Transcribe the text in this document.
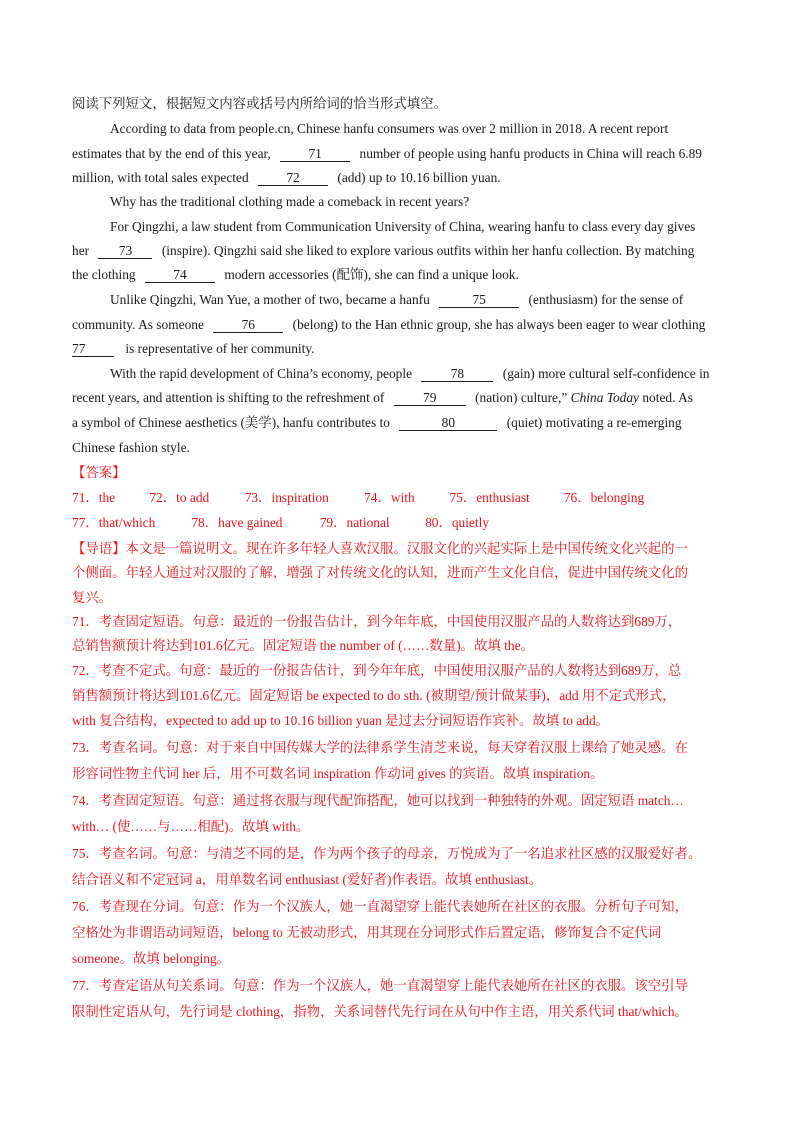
阅读下列短文，根据短文内容或括号内所给词的恰当形式填空。
According to data from people.cn, Chinese hanfu consumers was over 2 million in 2018. A recent report
estimates that by the end of this year,	71	number of people using hanfu products in China will reach 6.89
million, with total sales expected	72	(add) up to 10.16 billion yuan.
Why has the traditional clothing made a comeback in recent years?
For Qingzhi, a law student from Communication University of China, wearing hanfu to class every day gives
her 73 (inspire). Qingzhi said she liked to explore various outfits within her hanfu collection. By matching
the clothing	74	modern accessories (配饰), she can find a unique look.
Unlike Qingzhi, Wan Yue, a mother of two, became a hanfu	75	(enthusiasm) for the sense of
community. As someone	76	(belong) to the Han ethnic group, she has always been eager to wear clothing
77	is representative of her community.
With the rapid development of China’s economy, people	78	(gain) more cultural self-confidence in
recent years, and attention is shifting to the refreshment of	79	(nation) culture,” China Today noted. As
a symbol of Chinese aesthetics (美学), hanfu contributes to	80	(quiet) motivating a re-emerging
Chinese fashion style.
【答案】
71．the	72．to add	73．inspiration	74．with	75．enthusiast	76．belonging
77．that/which	78．have gained	79．national	80．quietly
【导语】本文是一篇说明文。现在许多年轻人喜欢汉服。汉服文化的兴起实际上是中国传统文化兴起的一
个侧面。年轻人通过对汉服的了解，增强了对传统文化的认知，进而产生文化自信，促进中国传统文化的
复兴。
71．考查固定短语。句意：最近的一份报告估计，到今年年底，中国使用汉服产品的人数将达到689万，
总销售额预计将达到101.6亿元。固定短语 the number of (……数量)。故填 the。
72．考查不定式。句意：最近的一份报告估计，到今年年底，中国使用汉服产品的人数将达到689万，总
销售额预计将达到101.6亿元。固定短语 be expected to do sth. (被期望/预计做某事)，add 用不定式形式，
with 复合结构，expected to add up to 10.16 billion yuan 是过去分词短语作宾补。故填 to add。
73．考查名词。句意：对于来自中国传媒大学的法律系学生清芝来说，每天穿着汉服上课给了她灵感。在
形容词性物主代词 her 后，用不可数名词 inspiration 作动词 gives 的宾语。故填 inspiration。
74．考查固定短语。句意：通过将衣服与现代配饰搭配，她可以找到一种独特的外观。固定短语 match…
with… (使……与……相配)。故填 with。
75．考查名词。句意：与清芝不同的是，作为两个孩子的母亲，万悦成为了一名追求社区感的汉服爱好者。
结合语义和不定冠词 a，用单数名词 enthusiast (爱好者)作表语。故填 enthusiast。
76．考查现在分词。句意：作为一个汉族人，她一直渴望穿上能代表她所在社区的衣服。分析句子可知，
空格处为非谓语动词短语，belong to 无被动形式，用其现在分词形式作后置定语，修饰复合不定代词
someone。故填 belonging。
77．考查定语从句关系词。句意：作为一个汉族人，她一直渴望穿上能代表她所在社区的衣服。该空引导
限制性定语从句，先行词是 clothing，指物，关系词替代先行词在从句中作主语，用关系代词 that/which。
